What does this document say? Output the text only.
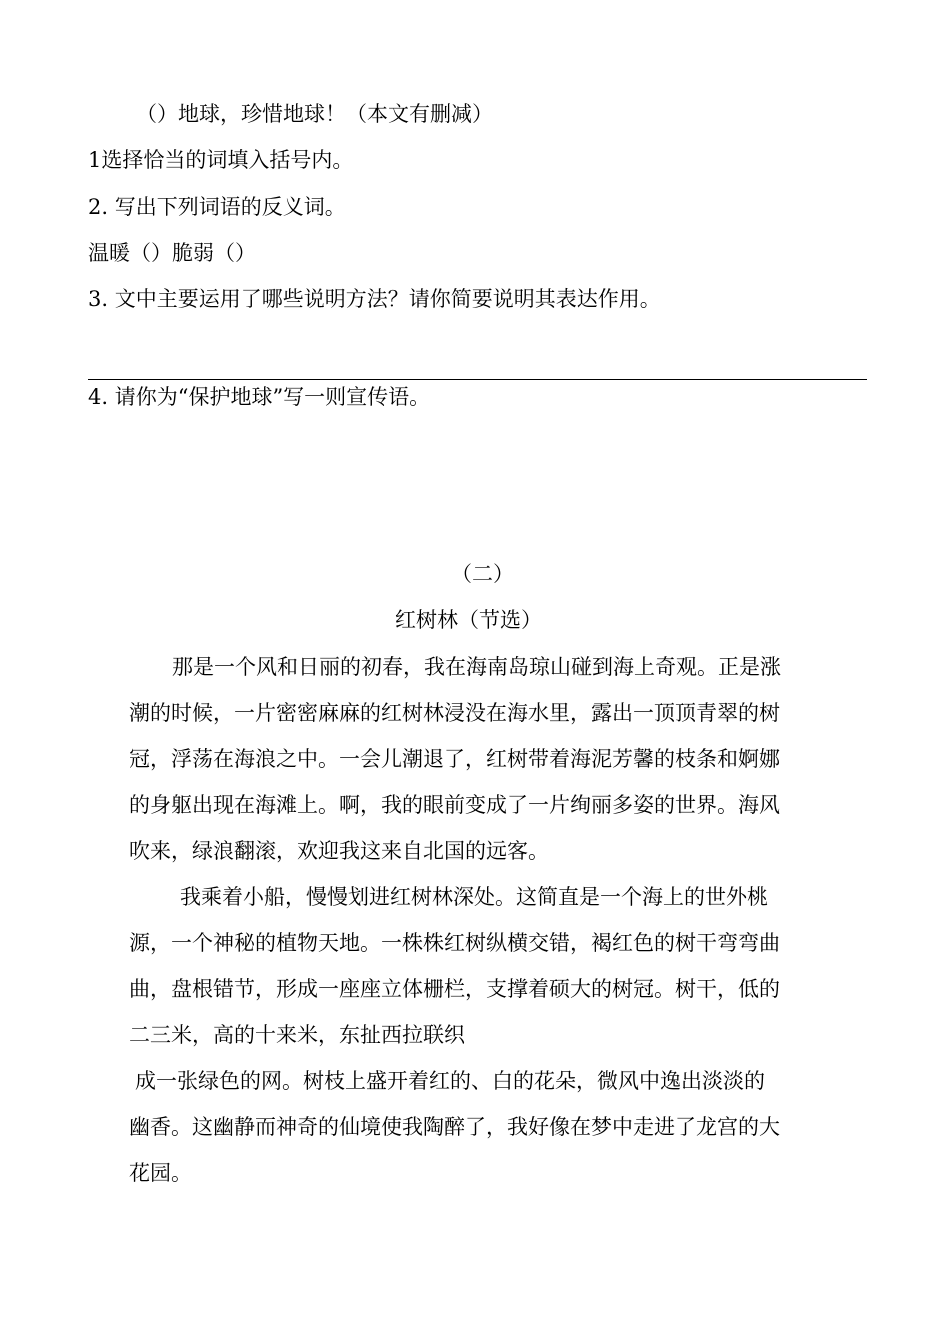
（）地球，珍惜地球！（本文有删减）
1选择恰当的词填入括号内。
2. 写出下列词语的反义词。
温暖（）脆弱（）
3. 文中主要运用了哪些说明方法？请你简要说明其表达作用。
4. 请你为“保护地球”写一则宣传语。
（二）
红树林（节选）
那是一个风和日丽的初春，我在海南岛琼山碰到海上奇观。正是涨
潮的时候，一片密密麻麻的红树林浸没在海水里，露出一顶顶青翠的树
冠，浮荡在海浪之中。一会儿潮退了，红树带着海泥芳馨的枝条和婀娜
的身躯出现在海滩上。啊，我的眼前变成了一片绚丽多姿的世界。海风
吹来，绿浪翻滚，欢迎我这来自北国的远客。
我乘着小船，慢慢划进红树林深处。这简直是一个海上的世外桃
源，一个神秘的植物天地。一株株红树纵横交错，褐红色的树干弯弯曲
曲，盘根错节，形成一座座立体栅栏，支撑着硕大的树冠。树干，低的
二三米，高的十来米，东扯西拉联织
成一张绿色的网。树枝上盛开着红的、白的花朵，微风中逸出淡淡的
幽香。这幽静而神奇的仙境使我陶醉了，我好像在梦中走进了龙宫的大
花园。
